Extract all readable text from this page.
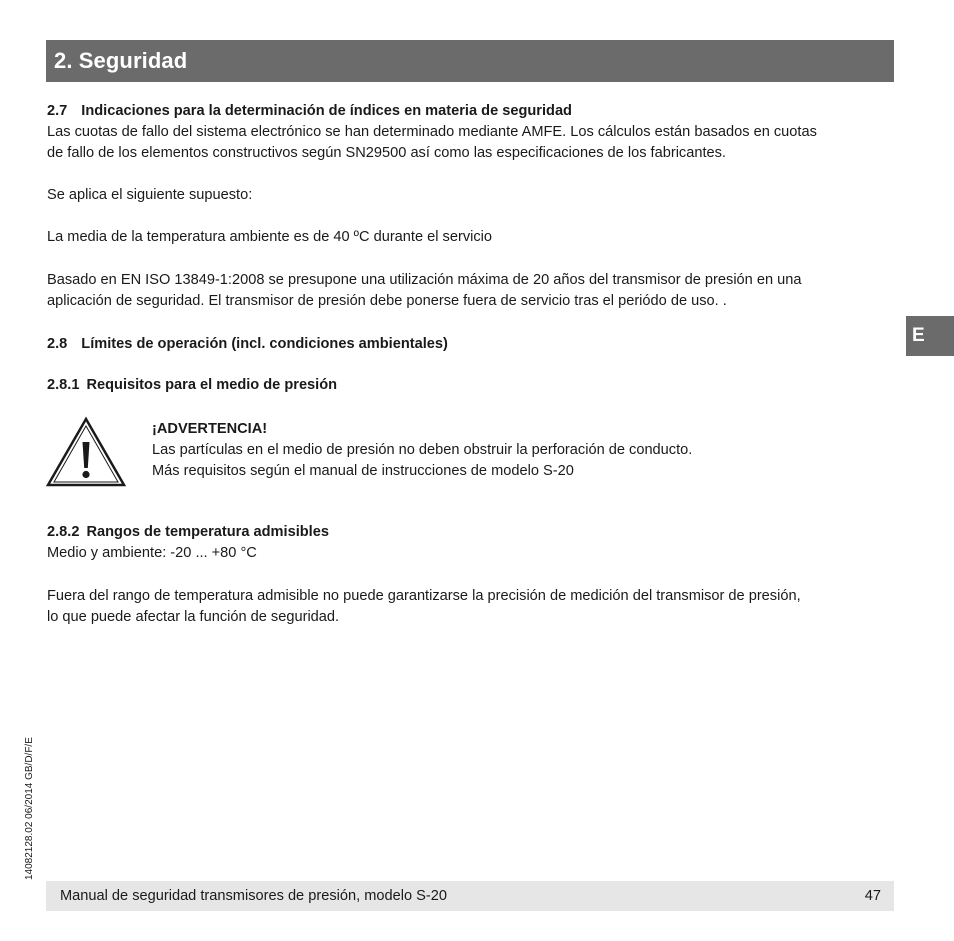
2. Seguridad
2.7 Indicaciones para la determinación de índices en materia de seguridad
Las cuotas de fallo del sistema electrónico se han determinado mediante AMFE. Los cálculos están basados en cuotas
de fallo de los elementos constructivos según SN29500 así como las especificaciones de los fabricantes.
Se aplica el siguiente supuesto:
La media de la temperatura ambiente es de 40 ºC durante el servicio
Basado en EN ISO 13849-1:2008 se presupone una utilización máxima de 20 años del transmisor de presión en una
aplicación de seguridad. El transmisor de presión debe ponerse fuera de servicio tras el periódo de uso. .
2.8 Límites de operación (incl. condiciones ambientales)
2.8.1 Requisitos para el medio de presión
¡ADVERTENCIA!
Las partículas en el medio de presión no deben obstruir la perforación de conducto.
Más requisitos según el manual de instrucciones de modelo S-20
2.8.2 Rangos de temperatura admisibles
Medio y ambiente: -20 ... +80 °C
Fuera del rango de temperatura admisible no puede garantizarse la precisión de medición del transmisor de presión,
lo que puede afectar la función de seguridad.
E
14082128.02 06/2014 GB/D/F/E
Manual de seguridad transmisores de presión, modelo S-20	47
